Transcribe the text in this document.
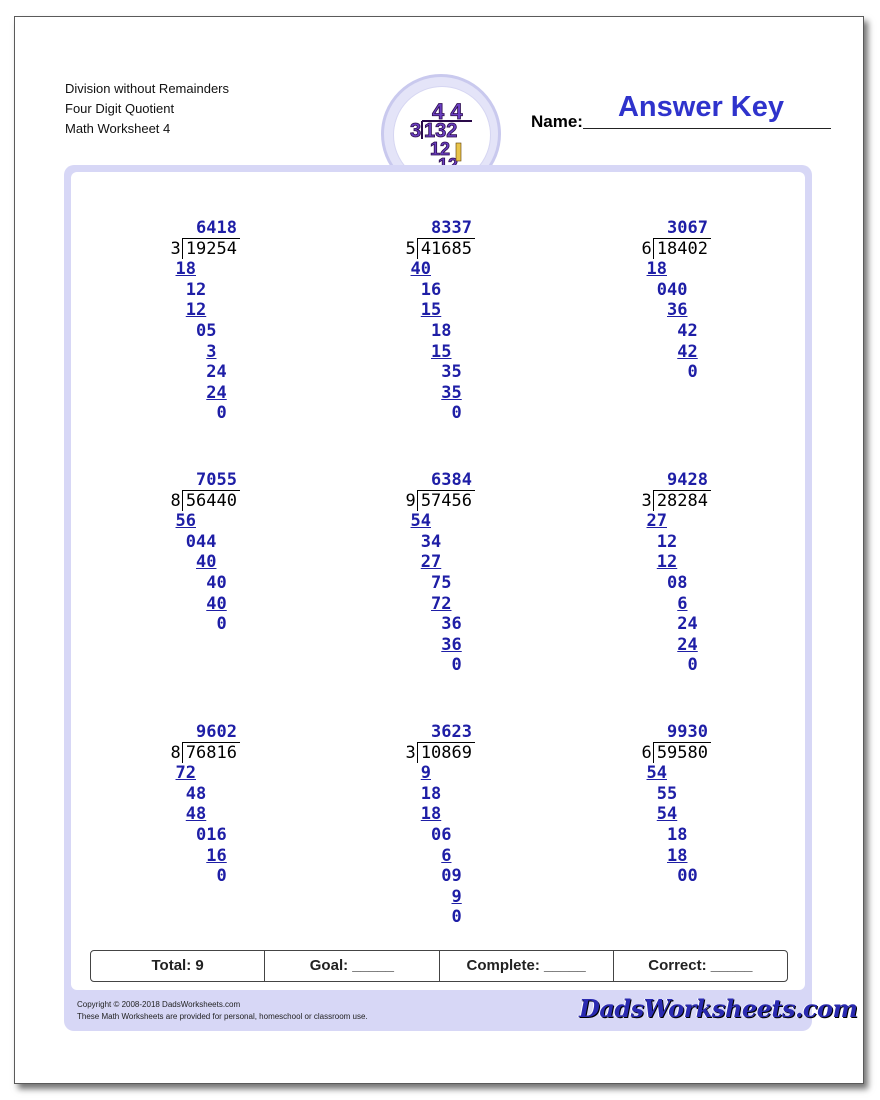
Division without Remainders
Four Digit Quotient
Math Worksheet 4
4 4
3 132
12
Answer Key
Name:
6418
19254
3
18
12
12
05
3
24
24
0
8337
41685
5
40
16
15
18
15
35
35
0
3067
18402
6
18
040
36
42
42
0
7055
56440
8
56
044
40
40
40
0
6384
57456
9
54
34
27
75
72
36
36
0
9428
28284
3
27
12
12
08
6
24
24
0
9602
76816
8
72
48
48
016
16
0
3623
10869
3
9
18
18
06
6
09
9
0
9930
59580
6
54
55
54
18
18
00
Total: 9	Goal: _____	Complete: _____	Correct: _____
Copyright © 2008-2018 DadsWorksheets.com
These Math Worksheets are provided for personal, homeschool or classroom use.	DadsWorksheets.com
